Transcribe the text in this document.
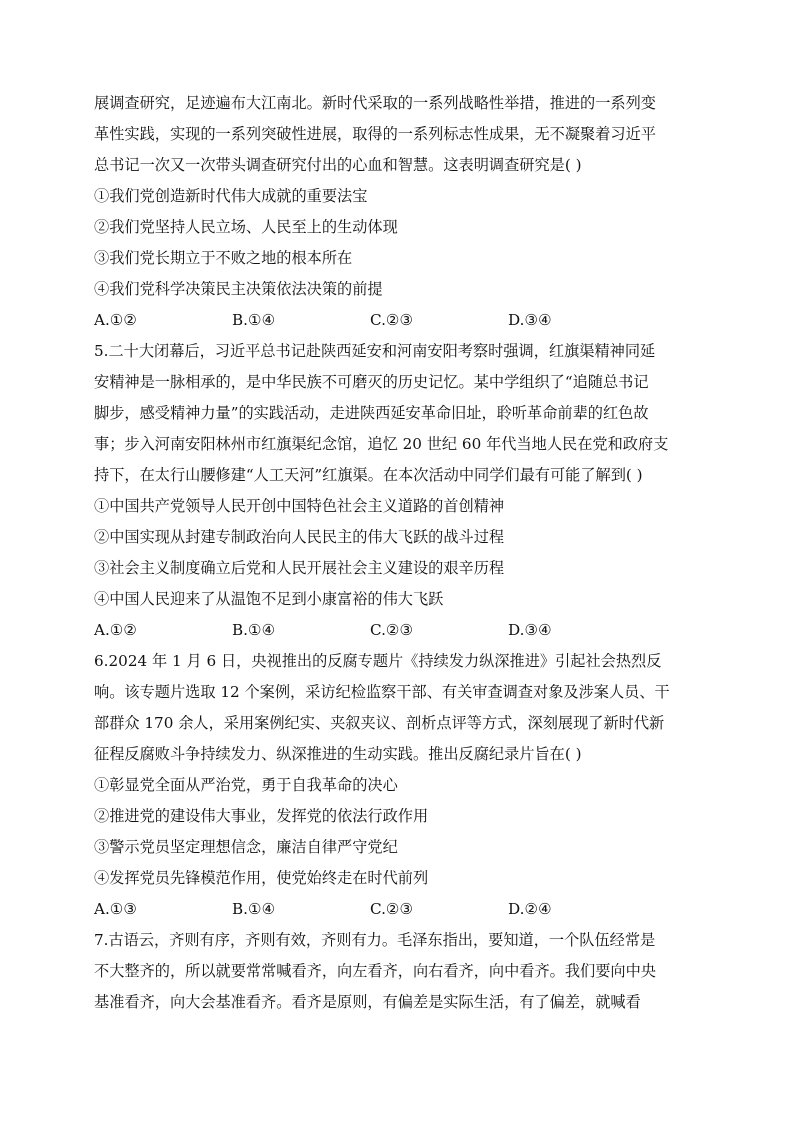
展调查研究，足迹遍布大江南北。新时代采取的一系列战略性举措，推进的一系列变
革性实践，实现的一系列突破性进展，取得的一系列标志性成果，无不凝聚着习近平
总书记一次又一次带头调查研究付出的心血和智慧。这表明调查研究是( )
①我们党创造新时代伟大成就的重要法宝
②我们党坚持人民立场、人民至上的生动体现
③我们党长期立于不败之地的根本所在
④我们党科学决策民主决策依法决策的前提
A.①②	B.①④	C.②③	D.③④
5.二十大闭幕后，习近平总书记赴陕西延安和河南安阳考察时强调，红旗渠精神同延
安精神是一脉相承的，是中华民族不可磨灭的历史记忆。某中学组织了“追随总书记
脚步，感受精神力量”的实践活动，走进陕西延安革命旧址，聆听革命前辈的红色故
事；步入河南安阳林州市红旗渠纪念馆，追忆 20 世纪 60 年代当地人民在党和政府支
持下，在太行山腰修建“人工天河”红旗渠。在本次活动中同学们最有可能了解到( )
①中国共产党领导人民开创中国特色社会主义道路的首创精神
②中国实现从封建专制政治向人民民主的伟大飞跃的战斗过程
③社会主义制度确立后党和人民开展社会主义建设的艰辛历程
④中国人民迎来了从温饱不足到小康富裕的伟大飞跃
A.①②	B.①④	C.②③	D.③④
6.2024 年 1 月 6 日，央视推出的反腐专题片《持续发力纵深推进》引起社会热烈反
响。该专题片选取 12 个案例，采访纪检监察干部、有关审查调查对象及涉案人员、干
部群众 170 余人，采用案例纪实、夹叙夹议、剖析点评等方式，深刻展现了新时代新
征程反腐败斗争持续发力、纵深推进的生动实践。推出反腐纪录片旨在( )
①彰显党全面从严治党，勇于自我革命的决心
②推进党的建设伟大事业，发挥党的依法行政作用
③警示党员坚定理想信念，廉洁自律严守党纪
④发挥党员先锋模范作用，使党始终走在时代前列
A.①③	B.①④	C.②③	D.②④
7.古语云，齐则有序，齐则有效，齐则有力。毛泽东指出，要知道，一个队伍经常是
不大整齐的，所以就要常常喊看齐，向左看齐，向右看齐，向中看齐。我们要向中央
基准看齐，向大会基准看齐。看齐是原则，有偏差是实际生活，有了偏差，就喊看
